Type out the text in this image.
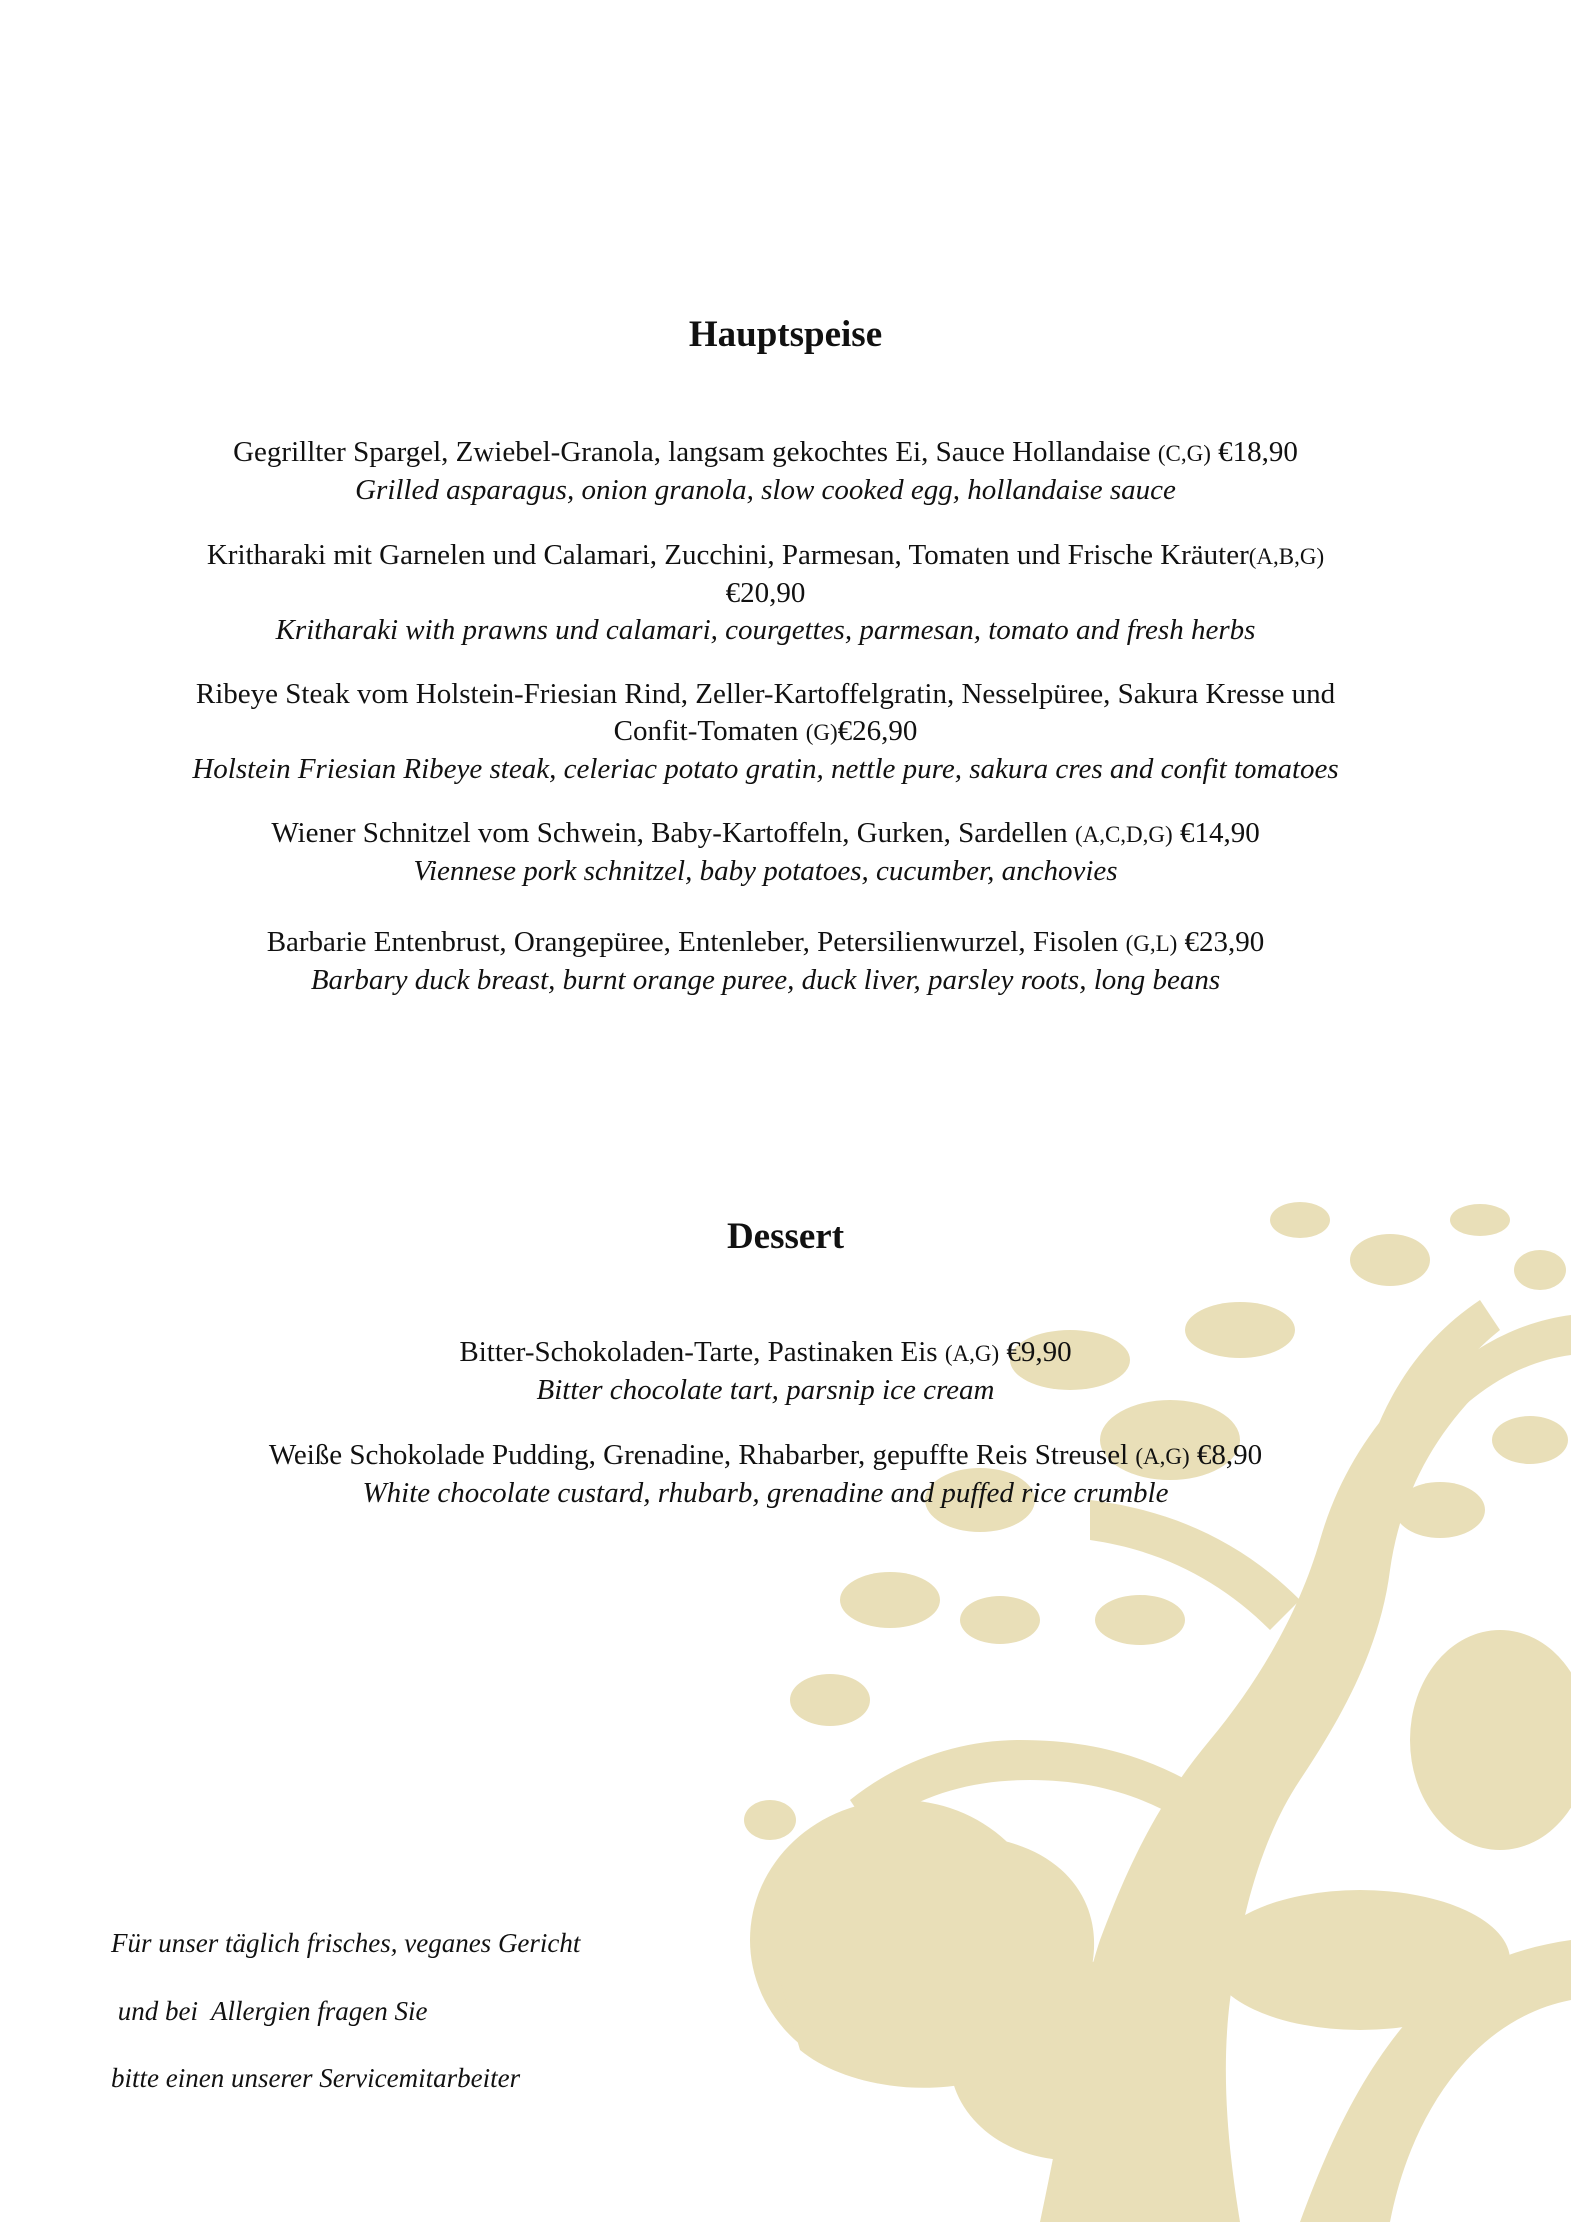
Hauptspeise
Gegrillter Spargel, Zwiebel-Granola, langsam gekochtes Ei, Sauce Hollandaise (C,G) €18,90
Grilled asparagus, onion granola, slow cooked egg, hollandaise sauce
Kritharaki mit Garnelen und Calamari, Zucchini, Parmesan, Tomaten und Frische Kräuter(A,B,G)
€20,90
Kritharaki with prawns und calamari, courgettes, parmesan, tomato and fresh herbs
Ribeye Steak vom Holstein-Friesian Rind, Zeller-Kartoffelgratin, Nesselpüree, Sakura Kresse und
Confit-Tomaten (G)€26,90
Holstein Friesian Ribeye steak, celeriac potato gratin, nettle pure, sakura cres and confit tomatoes
Wiener Schnitzel vom Schwein, Baby-Kartoffeln, Gurken, Sardellen (A,C,D,G) €14,90
Viennese pork schnitzel, baby potatoes, cucumber, anchovies
Barbarie Entenbrust, Orangepüree, Entenleber, Petersilienwurzel, Fisolen (G,L) €23,90
Barbary duck breast, burnt orange puree, duck liver, parsley roots, long beans
Dessert
Bitter-Schokoladen-Tarte, Pastinaken Eis (A,G) €9,90
Bitter chocolate tart, parsnip ice cream
Weiße Schokolade Pudding, Grenadine, Rhabarber, gepuffte Reis Streusel (A,G) €8,90
White chocolate custard, rhubarb, grenadine and puffed rice crumble
Für unser täglich frisches, veganes Gericht
und bei  Allergien fragen Sie
bitte einen unserer Servicemitarbeiter
